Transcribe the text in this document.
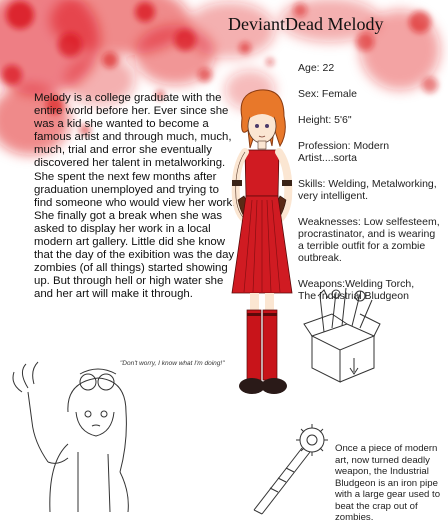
DeviantDead Melody
Age: 22
Sex: Female
Height: 5'6"
Profession: Modern Artist....sorta
Skills: Welding, Metalworking, very intelligent.
Weaknesses: Low selfesteem, procrastinator, and is wearing a terrible outfit for a zombie outbreak.
Weapons:Welding Torch,
The Industrial Bludgeon
Melody is a college graduate with the entire world before her. Ever since she was a kid she wanted to become a famous artist and through much, much, much, trial and error she eventually discovered her talent in metalworking. She spent the next few months after graduation unemployed and trying to find someone who would view her work. She finally got a break when she was asked to display her work in a local modern art gallery. Little did she know that the day of the exibition was the day zombies (of all things) started showing up. But through hell or high water she and her art will make it through.
"Don't worry, I know what I'm doing!"
Once a piece of modern art, now turned deadly weapon, the Industrial Bludgeon is an iron pipe with a large gear used to beat the crap out of zombies.
